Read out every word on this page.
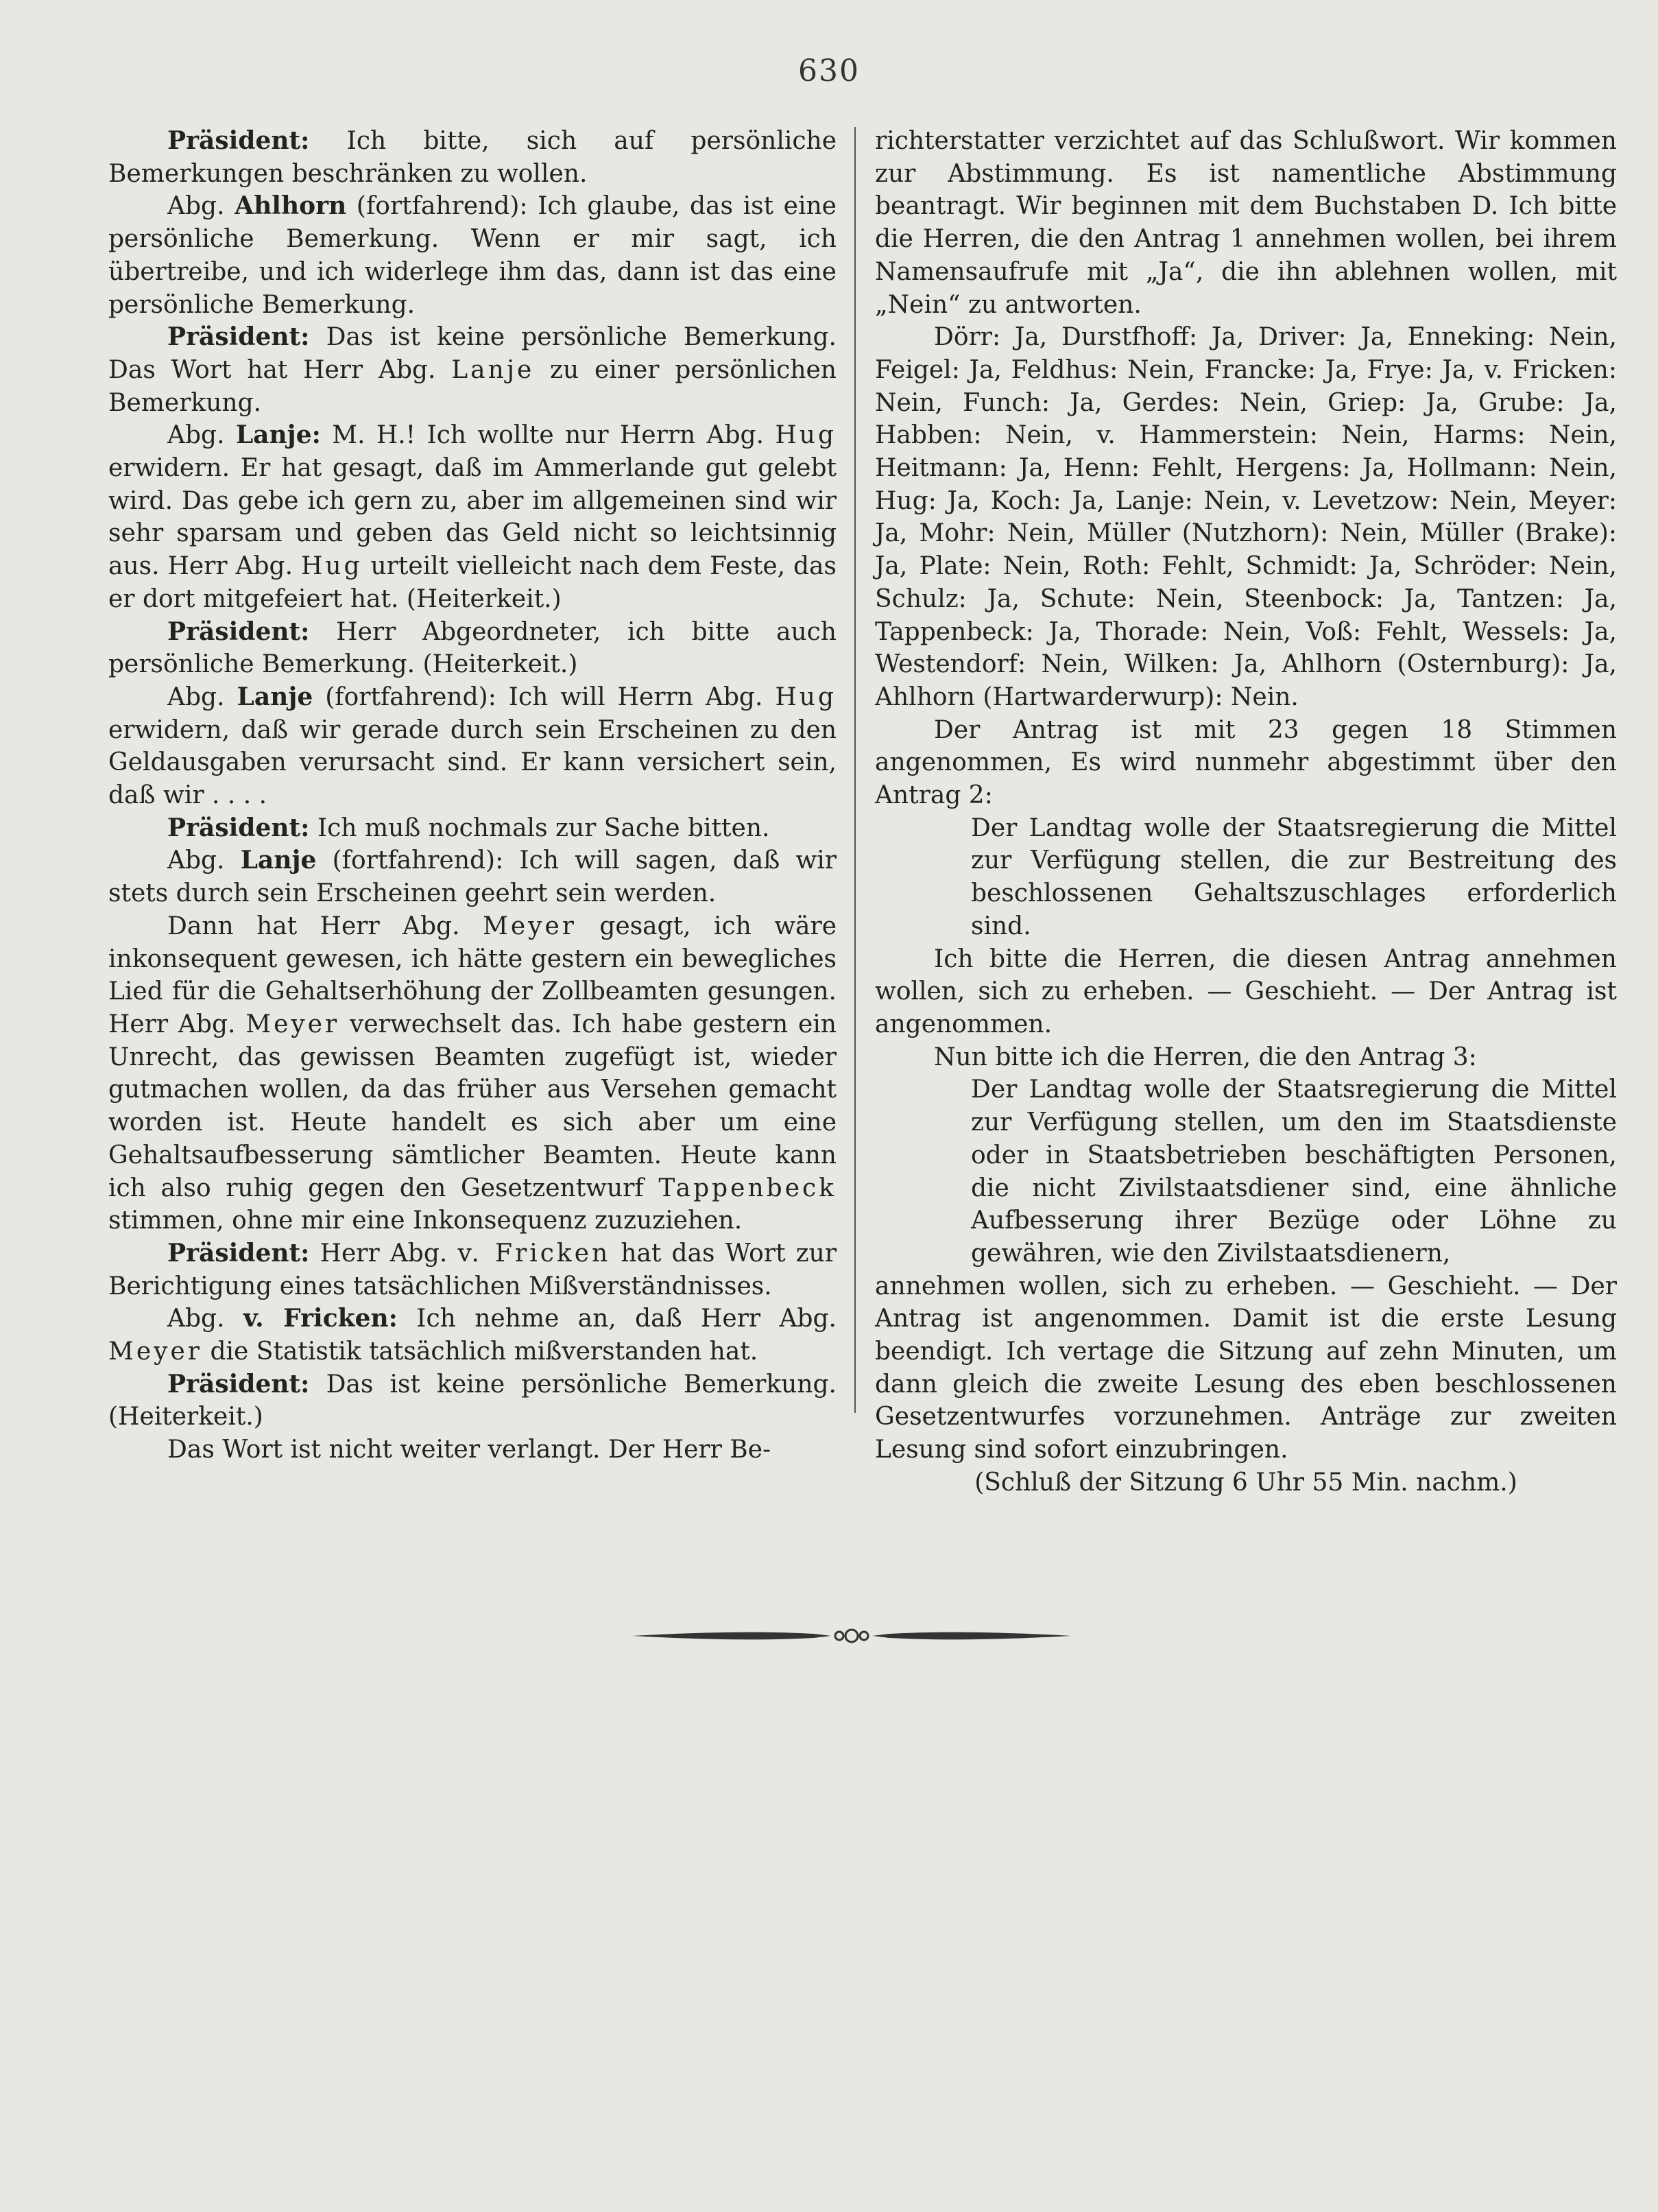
630

Präsident: Ich bitte, sich auf persönliche Bemerkungen beschränken zu wollen.

Abg. Ahlhorn (fortfahrend): Ich glaube, das ist eine persönliche Bemerkung. Wenn er mir sagt, ich übertreibe, und ich widerlege ihm das, dann ist das eine persönliche Bemerkung.

Präsident: Das ist keine persönliche Bemerkung. Das Wort hat Herr Abg. Lanje zu einer persönlichen Bemerkung.

Abg. Lanje: M. H.! Ich wollte nur Herrn Abg. Hug erwidern. Er hat gesagt, daß im Ammerlande gut gelebt wird. Das gebe ich gern zu, aber im allgemeinen sind wir sehr sparsam und geben das Geld nicht so leichtsinnig aus. Herr Abg. Hug urteilt vielleicht nach dem Feste, das er dort mitgefeiert hat. (Heiterkeit.)

Präsident: Herr Abgeordneter, ich bitte auch persönliche Bemerkung. (Heiterkeit.)

Abg. Lanje (fortfahrend): Ich will Herrn Abg. Hug erwidern, daß wir gerade durch sein Erscheinen zu den Geldausgaben verursacht sind. Er kann versichert sein, daß wir . . . .

Präsident: Ich muß nochmals zur Sache bitten.

Abg. Lanje (fortfahrend): Ich will sagen, daß wir stets durch sein Erscheinen geehrt sein werden.

Dann hat Herr Abg. Meyer gesagt, ich wäre inkonsequent gewesen, ich hätte gestern ein bewegliches Lied für die Gehaltserhöhung der Zollbeamten gesungen. Herr Abg. Meyer verwechselt das. Ich habe gestern ein Unrecht, das gewissen Beamten zugefügt ist, wieder gutmachen wollen, da das früher aus Versehen gemacht worden ist. Heute handelt es sich aber um eine Gehaltsaufbesserung sämtlicher Beamten. Heute kann ich also ruhig gegen den Gesetzentwurf Tappenbeck stimmen, ohne mir eine Inkonsequenz zuzuziehen.

Präsident: Herr Abg. v. Fricken hat das Wort zur Berichtigung eines tatsächlichen Mißverständnisses.

Abg. v. Fricken: Ich nehme an, daß Herr Abg. Meyer die Statistik tatsächlich mißverstanden hat.

Präsident: Das ist keine persönliche Bemerkung. (Heiterkeit.)

Das Wort ist nicht weiter verlangt. Der Herr Be-

richterstatter verzichtet auf das Schlußwort. Wir kommen zur Abstimmung. Es ist namentliche Abstimmung beantragt. Wir beginnen mit dem Buchstaben D. Ich bitte die Herren, die den Antrag 1 annehmen wollen, bei ihrem Namensaufrufe mit „Ja“, die ihn ablehnen wollen, mit „Nein“ zu antworten.

Dörr: Ja, Durstfhoff: Ja, Driver: Ja, Enneking: Nein, Feigel: Ja, Feldhus: Nein, Francke: Ja, Frye: Ja, v. Fricken: Nein, Funch: Ja, Gerdes: Nein, Griep: Ja, Grube: Ja, Habben: Nein, v. Hammerstein: Nein, Harms: Nein, Heitmann: Ja, Henn: Fehlt, Hergens: Ja, Hollmann: Nein, Hug: Ja, Koch: Ja, Lanje: Nein, v. Levetzow: Nein, Meyer: Ja, Mohr: Nein, Müller (Nutzhorn): Nein, Müller (Brake): Ja, Plate: Nein, Roth: Fehlt, Schmidt: Ja, Schröder: Nein, Schulz: Ja, Schute: Nein, Steenbock: Ja, Tantzen: Ja, Tappenbeck: Ja, Thorade: Nein, Voß: Fehlt, Wessels: Ja, Westendorf: Nein, Wilken: Ja, Ahlhorn (Osternburg): Ja, Ahlhorn (Hartwarderwurp): Nein.

Der Antrag ist mit 23 gegen 18 Stimmen angenommen, Es wird nunmehr abgestimmt über den Antrag 2:

Der Landtag wolle der Staatsregierung die Mittel zur Verfügung stellen, die zur Bestreitung des beschlossenen Gehaltszuschlages erforderlich sind.

Ich bitte die Herren, die diesen Antrag annehmen wollen, sich zu erheben. — Geschieht. — Der Antrag ist angenommen.

Nun bitte ich die Herren, die den Antrag 3:

Der Landtag wolle der Staatsregierung die Mittel zur Verfügung stellen, um den im Staatsdienste oder in Staatsbetrieben beschäftigten Personen, die nicht Zivilstaatsdiener sind, eine ähnliche Aufbesserung ihrer Bezüge oder Löhne zu gewähren, wie den Zivilstaatsdienern,

annehmen wollen, sich zu erheben. — Geschieht. — Der Antrag ist angenommen. Damit ist die erste Lesung beendigt. Ich vertage die Sitzung auf zehn Minuten, um dann gleich die zweite Lesung des eben beschlossenen Gesetzentwurfes vorzunehmen. Anträge zur zweiten Lesung sind sofort einzubringen.

(Schluß der Sitzung 6 Uhr 55 Min. nachm.)
